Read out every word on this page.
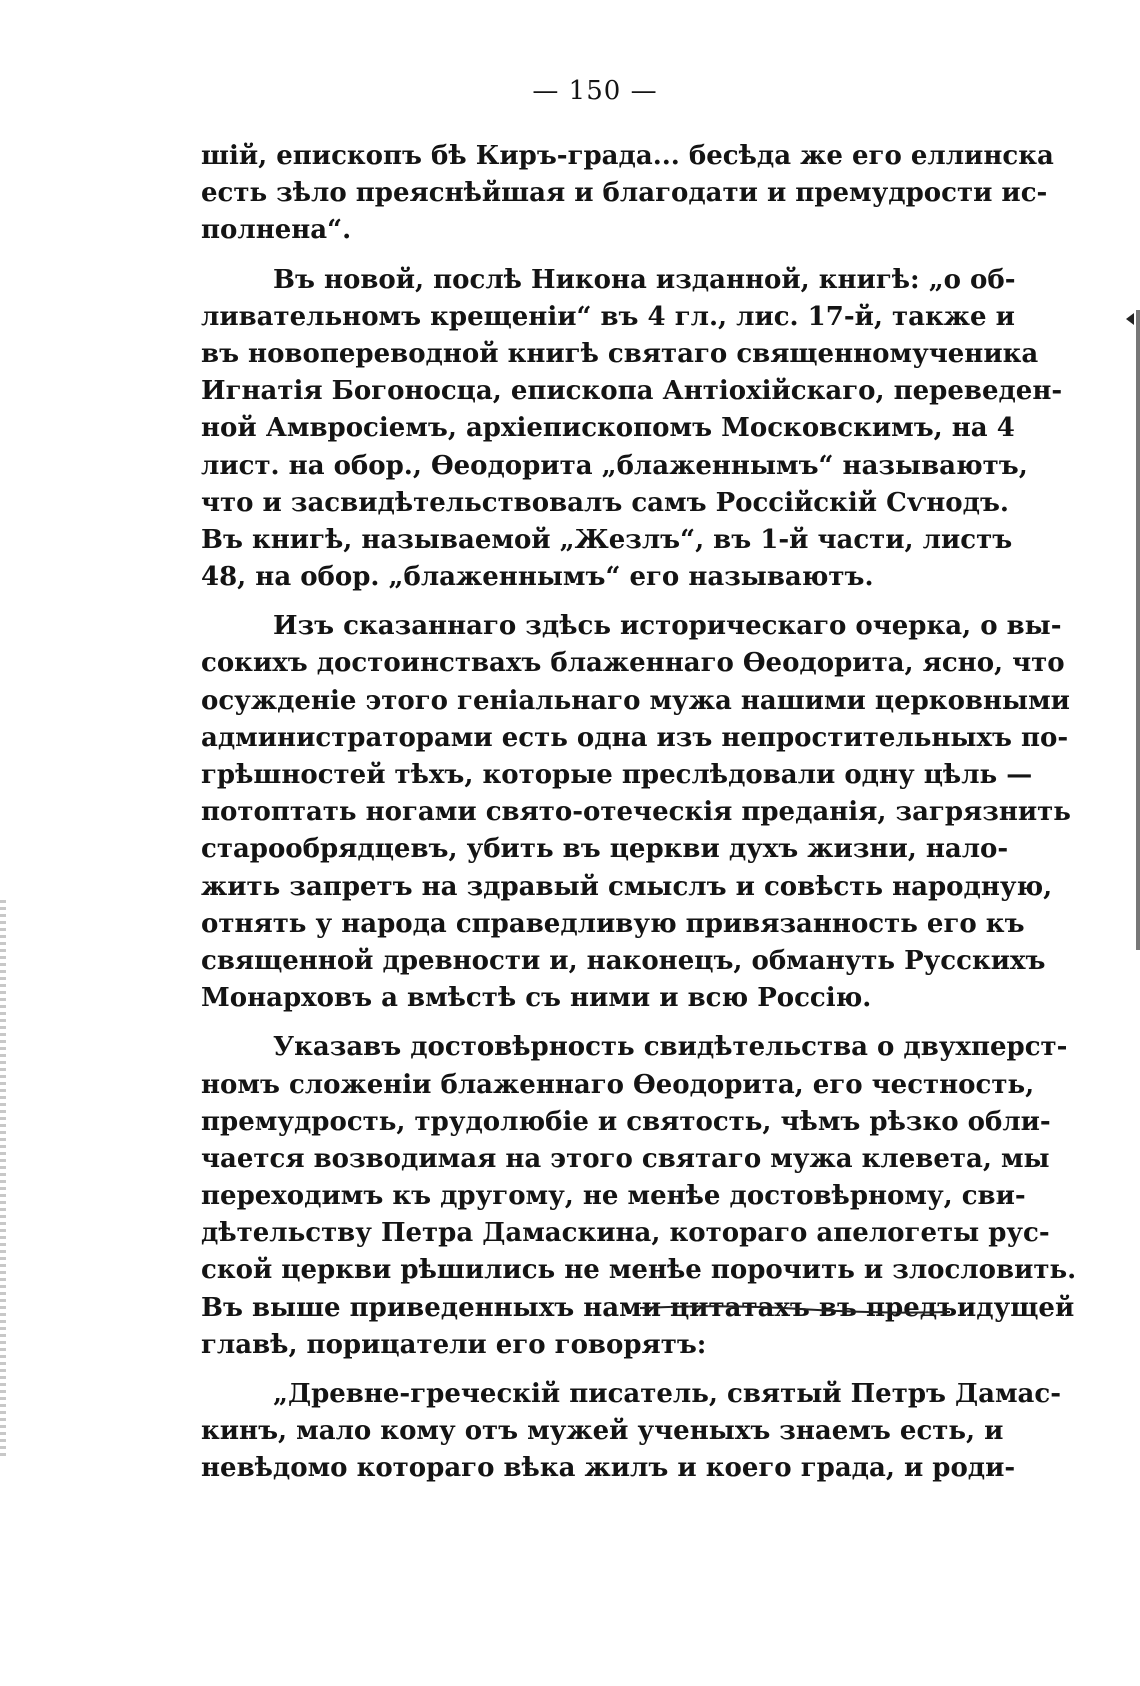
— 150 —
шій, епископъ бѣ Киръ-града... бесѣда же его еллинска
есть зѣло преяснѣйшая и благодати и премудрости ис-
полнена“.
Въ новой, послѣ Никона изданной, книгѣ: „о об-
ливательномъ крещеніи“ въ 4 гл., лис. 17-й, также и
въ новопереводной книгѣ святаго священномученика
Игнатія Богоносца, епископа Антіохійскаго, переведен-
ной Амвросіемъ, архіепископомъ Московскимъ, на 4
лист. на обор., Ѳеодорита „блаженнымъ“ называютъ,
что и засвидѣтельствовалъ самъ Россійскій Сѵнодъ.
Въ книгѣ, называемой „Жезлъ“, въ 1-й части, листъ
48, на обор. „блаженнымъ“ его называютъ.
Изъ сказаннаго здѣсь историческаго очерка, о вы-
сокихъ достоинствахъ блаженнаго Ѳеодорита, ясно, что
осужденіе этого геніальнаго мужа нашими церковными
администраторами есть одна изъ непростительныхъ по-
грѣшностей тѣхъ, которые преслѣдовали одну цѣль —
потоптать ногами свято-отеческія преданія, загрязнить
старообрядцевъ, убить въ церкви духъ жизни, нало-
жить запретъ на здравый смыслъ и совѣсть народную,
отнять у народа справедливую привязанность его къ
священной древности и, наконецъ, обмануть Русскихъ
Монарховъ а вмѣстѣ съ ними и всю Россію.
Указавъ достовѣрность свидѣтельства о двухперст-
номъ сложеніи блаженнаго Ѳеодорита, его честность,
премудрость, трудолюбіе и святость, чѣмъ рѣзко обли-
чается возводимая на этого святаго мужа клевета, мы
переходимъ къ другому, не менѣе достовѣрному, сви-
дѣтельству Петра Дамаскина, котораго апелогеты рус-
ской церкви рѣшились не менѣе порочить и злословить.
Въ выше приведенныхъ нами цитатахъ въ предъидущей
главѣ, порицатели его говорятъ:
„Древне-греческій писатель, святый Петръ Дамас-
кинъ, мало кому отъ мужей ученыхъ знаемъ есть, и
невѣдомо котораго вѣка жилъ и коего града, и роди-
